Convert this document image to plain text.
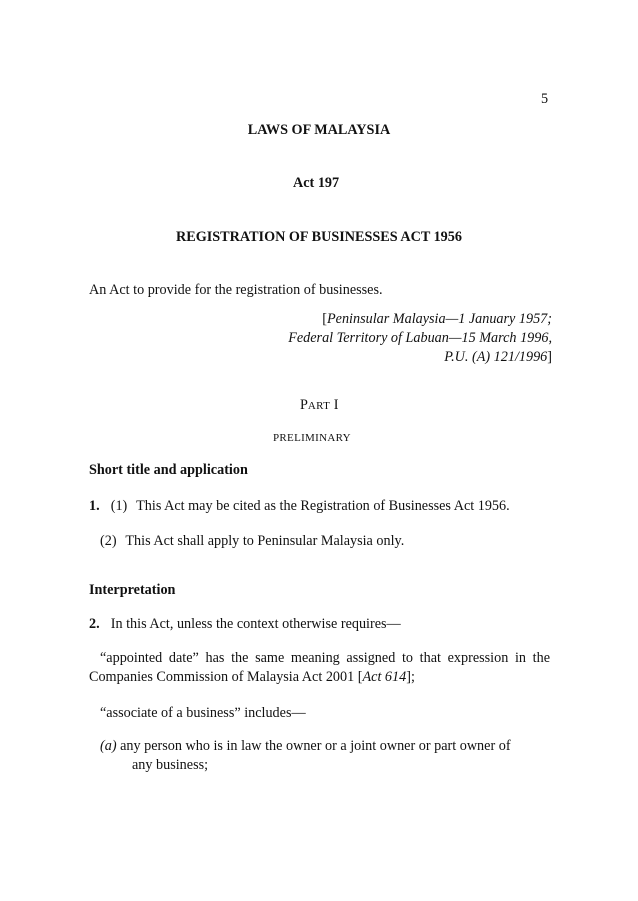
5
LAWS OF MALAYSIA
Act 197
REGISTRATION OF BUSINESSES ACT 1956
An Act to provide for the registration of businesses.
[Peninsular Malaysia—1 January 1957;
Federal Territory of Labuan—15 March 1996,
P.U. (A) 121/1996]
PART I
PRELIMINARY
Short title and application
1. (1) This Act may be cited as the Registration of Businesses Act 1956.
(2) This Act shall apply to Peninsular Malaysia only.
Interpretation
2. In this Act, unless the context otherwise requires—
“appointed date” has the same meaning assigned to that expression in the Companies Commission of Malaysia Act 2001 [Act 614];
“associate of a business” includes—
(a) any person who is in law the owner or a joint owner or part owner of
any business;
